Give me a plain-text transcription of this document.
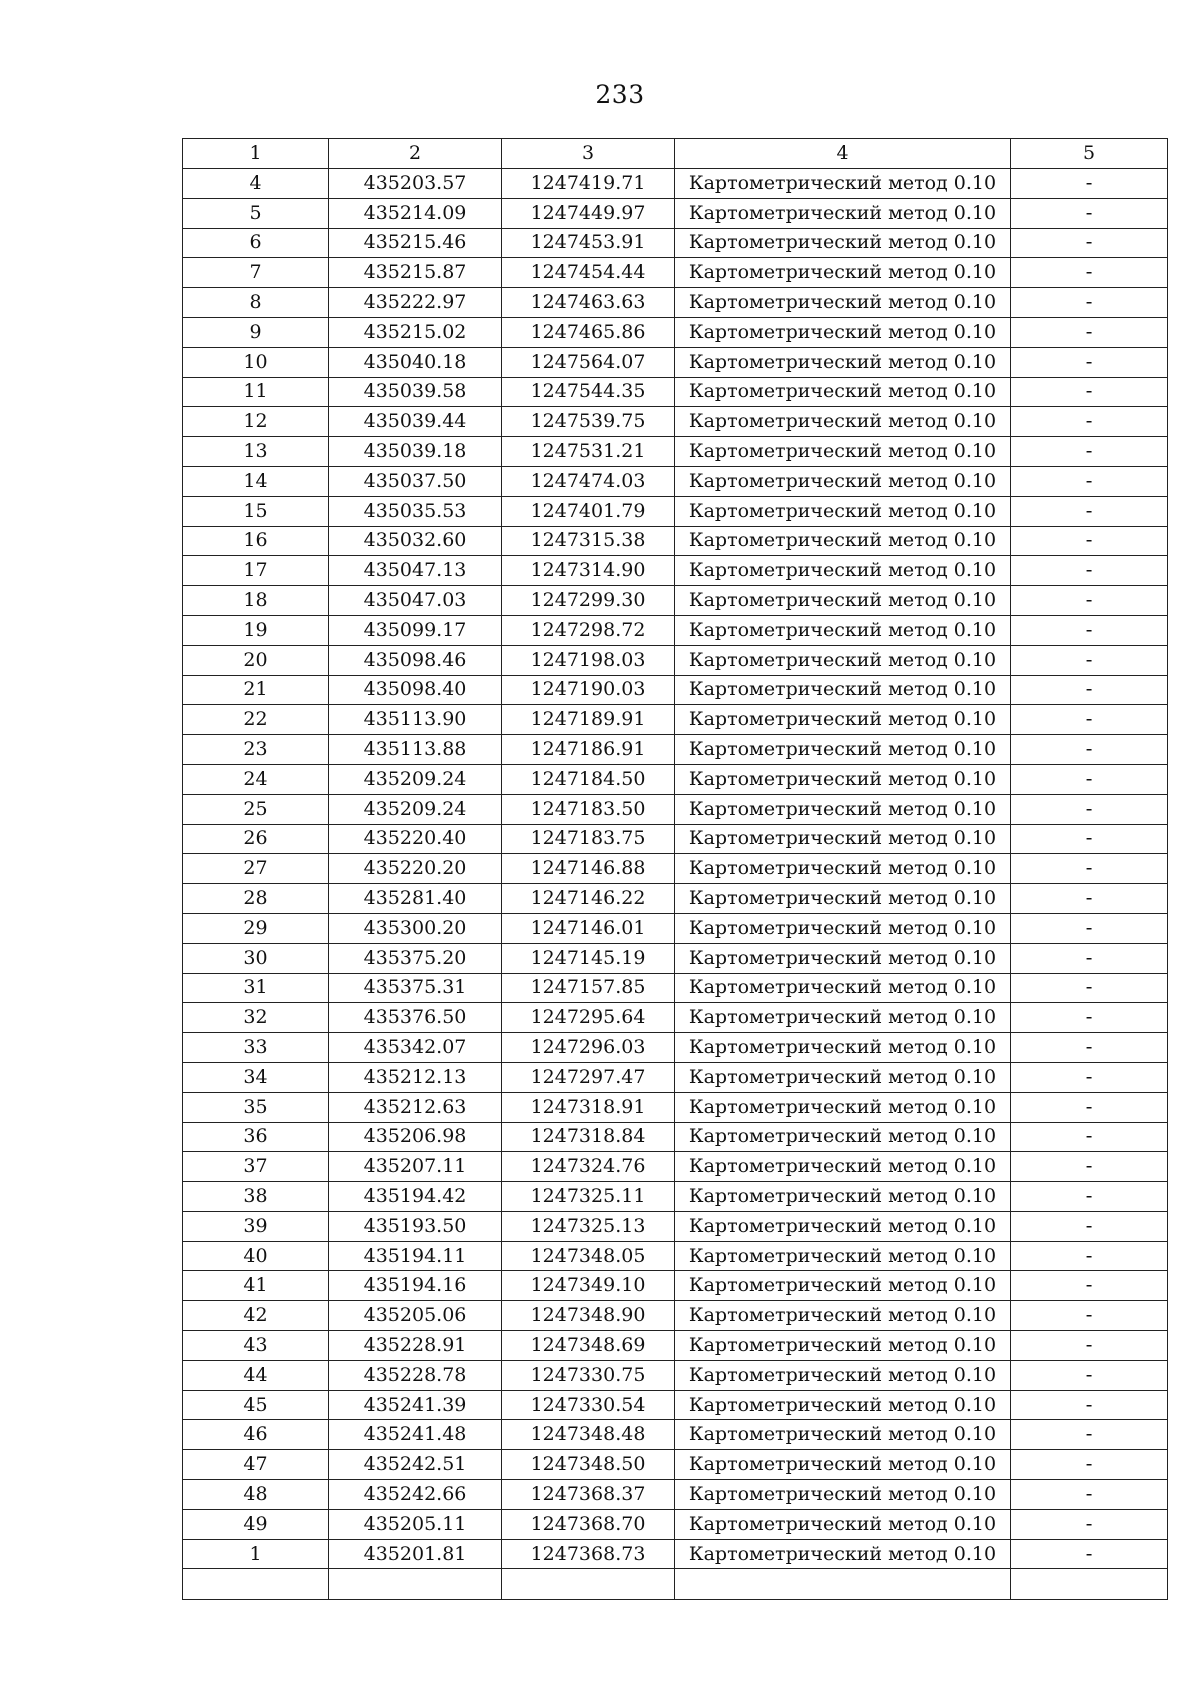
233
1	2	3	4	5
4	435203.57	1247419.71	Картометрический метод 0.10	-
5	435214.09	1247449.97	Картометрический метод 0.10	-
6	435215.46	1247453.91	Картометрический метод 0.10	-
7	435215.87	1247454.44	Картометрический метод 0.10	-
8	435222.97	1247463.63	Картометрический метод 0.10	-
9	435215.02	1247465.86	Картометрический метод 0.10	-
10	435040.18	1247564.07	Картометрический метод 0.10	-
11	435039.58	1247544.35	Картометрический метод 0.10	-
12	435039.44	1247539.75	Картометрический метод 0.10	-
13	435039.18	1247531.21	Картометрический метод 0.10	-
14	435037.50	1247474.03	Картометрический метод 0.10	-
15	435035.53	1247401.79	Картометрический метод 0.10	-
16	435032.60	1247315.38	Картометрический метод 0.10	-
17	435047.13	1247314.90	Картометрический метод 0.10	-
18	435047.03	1247299.30	Картометрический метод 0.10	-
19	435099.17	1247298.72	Картометрический метод 0.10	-
20	435098.46	1247198.03	Картометрический метод 0.10	-
21	435098.40	1247190.03	Картометрический метод 0.10	-
22	435113.90	1247189.91	Картометрический метод 0.10	-
23	435113.88	1247186.91	Картометрический метод 0.10	-
24	435209.24	1247184.50	Картометрический метод 0.10	-
25	435209.24	1247183.50	Картометрический метод 0.10	-
26	435220.40	1247183.75	Картометрический метод 0.10	-
27	435220.20	1247146.88	Картометрический метод 0.10	-
28	435281.40	1247146.22	Картометрический метод 0.10	-
29	435300.20	1247146.01	Картометрический метод 0.10	-
30	435375.20	1247145.19	Картометрический метод 0.10	-
31	435375.31	1247157.85	Картометрический метод 0.10	-
32	435376.50	1247295.64	Картометрический метод 0.10	-
33	435342.07	1247296.03	Картометрический метод 0.10	-
34	435212.13	1247297.47	Картометрический метод 0.10	-
35	435212.63	1247318.91	Картометрический метод 0.10	-
36	435206.98	1247318.84	Картометрический метод 0.10	-
37	435207.11	1247324.76	Картометрический метод 0.10	-
38	435194.42	1247325.11	Картометрический метод 0.10	-
39	435193.50	1247325.13	Картометрический метод 0.10	-
40	435194.11	1247348.05	Картометрический метод 0.10	-
41	435194.16	1247349.10	Картометрический метод 0.10	-
42	435205.06	1247348.90	Картометрический метод 0.10	-
43	435228.91	1247348.69	Картометрический метод 0.10	-
44	435228.78	1247330.75	Картометрический метод 0.10	-
45	435241.39	1247330.54	Картометрический метод 0.10	-
46	435241.48	1247348.48	Картометрический метод 0.10	-
47	435242.51	1247348.50	Картометрический метод 0.10	-
48	435242.66	1247368.37	Картометрический метод 0.10	-
49	435205.11	1247368.70	Картометрический метод 0.10	-
1	435201.81	1247368.73	Картометрический метод 0.10	-
